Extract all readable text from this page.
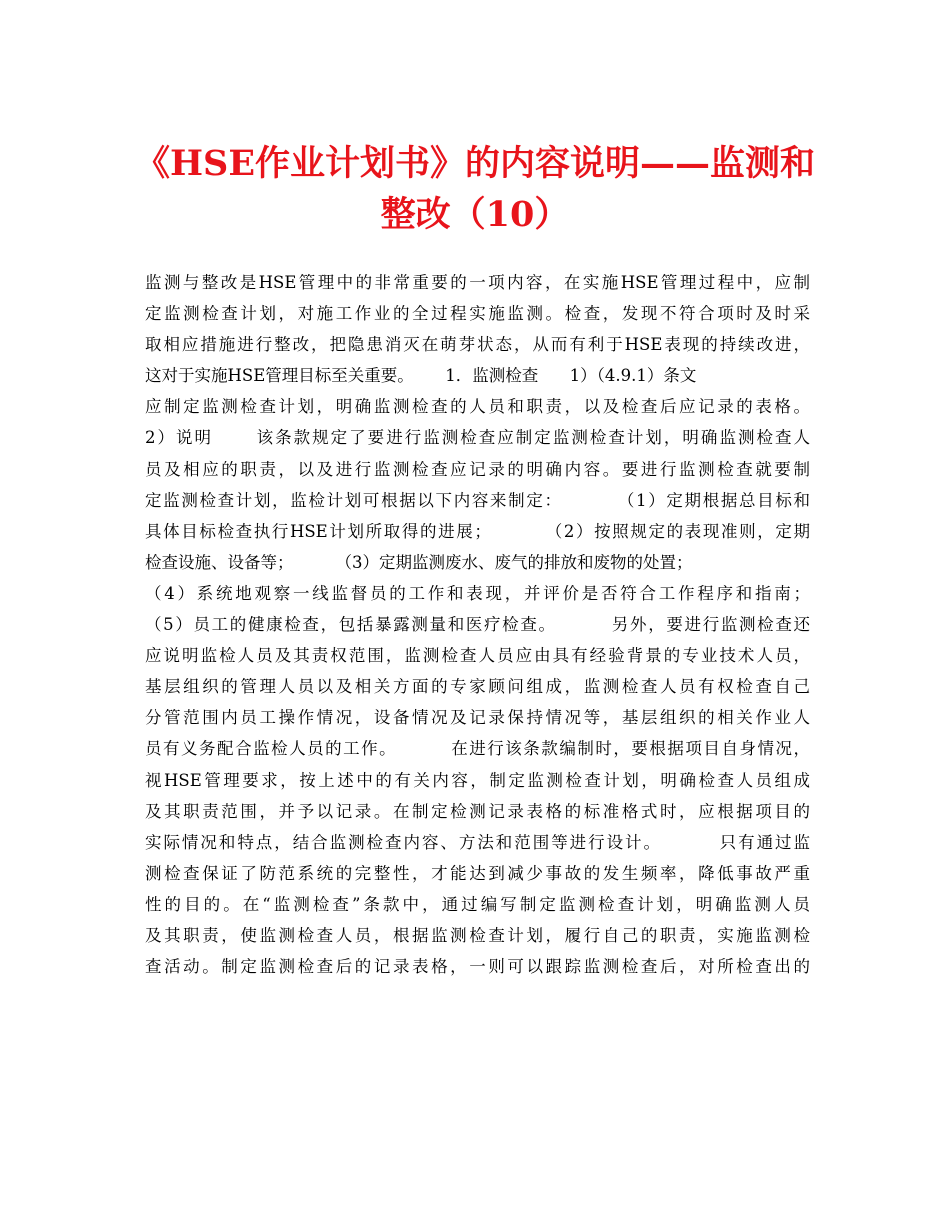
《HSE作业计划书》的内容说明——监测和
整改（10）
监测与整改是HSE管理中的非常重要的一项内容，在实施HSE管理过程中，应制
定监测检查计划，对施工作业的全过程实施监测。检查，发现不符合项时及时采
取相应措施进行整改，把隐患消灭在萌芽状态，从而有利于HSE表现的持续改进，
这对于实施HSE管理目标至关重要。      1．监测检查      1）（4.9.1）条文
应制定监测检查计划，明确监测检查的人员和职责，以及检查后应记录的表格。
2）说明      该条款规定了要进行监测检查应制定监测检查计划，明确监测检查人
员及相应的职责，以及进行监测检查应记录的明确内容。要进行监测检查就要制
定监测检查计划，监检计划可根据以下内容来制定：        （1）定期根据总目标和
具体目标检查执行HSE计划所取得的进展；        （2）按照规定的表现准则，定期
检查设施、设备等；        （3）定期监测废水、废气的排放和废物的处置；
（4）系统地观察一线监督员的工作和表现，并评价是否符合工作程序和指南；
（5）员工的健康检查，包括暴露测量和医疗检查。        另外，要进行监测检查还
应说明监检人员及其责权范围，监测检查人员应由具有经验背景的专业技术人员，
基层组织的管理人员以及相关方面的专家顾问组成，监测检查人员有权检查自己
分管范围内员工操作情况，设备情况及记录保持情况等，基层组织的相关作业人
员有义务配合监检人员的工作。        在进行该条款编制时，要根据项目自身情况，
视HSE管理要求，按上述中的有关内容，制定监测检查计划，明确检查人员组成
及其职责范围，并予以记录。在制定检测记录表格的标准格式时，应根据项目的
实际情况和特点，结合监测检查内容、方法和范围等进行设计。        只有通过监
测检查保证了防范系统的完整性，才能达到减少事故的发生频率，降低事故严重
性的目的。在“监测检查”条款中，通过编写制定监测检查计划，明确监测人员
及其职责，使监测检查人员，根据监测检查计划，履行自己的职责，实施监测检
查活动。制定监测检查后的记录表格，一则可以跟踪监测检查后，对所检查出的
